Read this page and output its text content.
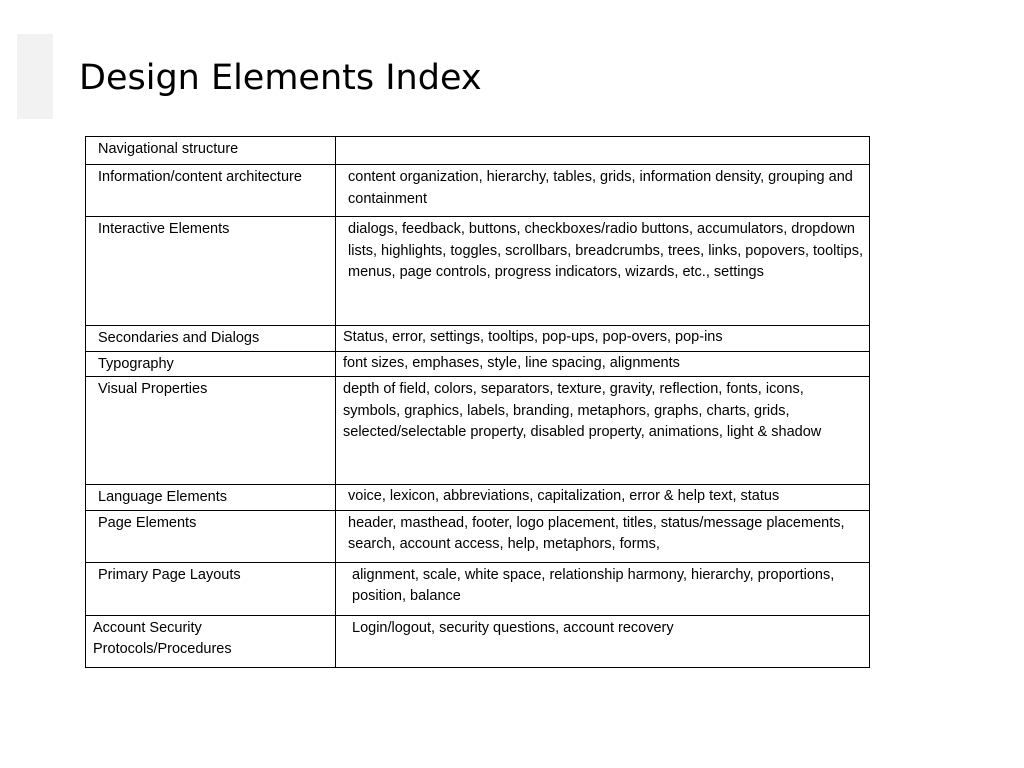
Design Elements Index
Navigational structure	
Information/content architecture	content organization, hierarchy, tables, grids, information density, grouping and containment
Interactive Elements	dialogs, feedback, buttons, checkboxes/radio buttons, accumulators, dropdown lists, highlights, toggles, scrollbars, breadcrumbs, trees, links, popovers, tooltips, menus, page controls, progress indicators, wizards, etc., settings
Secondaries and Dialogs	Status, error, settings, tooltips, pop-ups, pop-overs, pop-ins
Typography	font sizes, emphases, style, line spacing, alignments
Visual Properties	depth of field, colors, separators, texture, gravity, reflection, fonts, icons, symbols, graphics, labels, branding, metaphors, graphs, charts, grids, selected/selectable property, disabled property, animations, light & shadow
Language Elements	voice, lexicon, abbreviations, capitalization, error & help text, status
Page Elements	header, masthead, footer, logo placement, titles, status/message placements, search, account access, help, metaphors, forms,
Primary Page Layouts	alignment, scale, white space, relationship harmony, hierarchy, proportions, position, balance
Account Security Protocols/Procedures	Login/logout, security questions, account recovery
